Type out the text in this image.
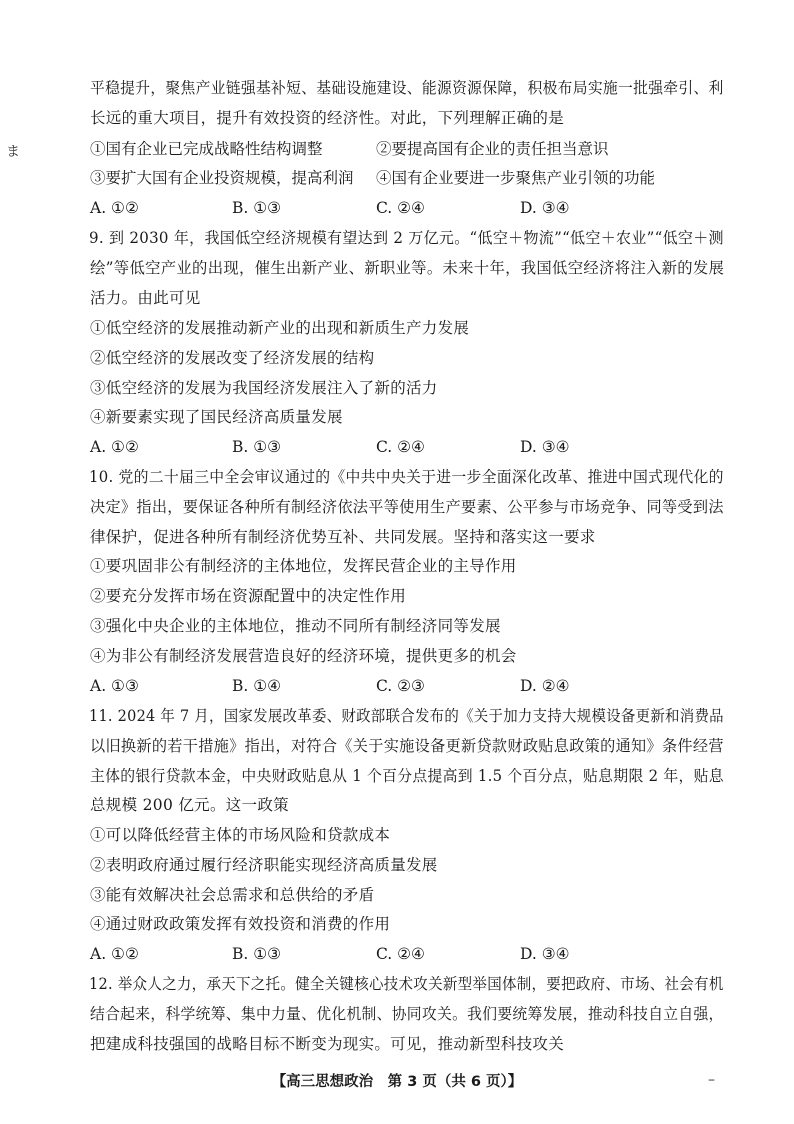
ま
平稳提升，聚焦产业链强基补短、基础设施建设、能源资源保障，积极布局实施一批强牵引、利
长远的重大项目，提升有效投资的经济性。对此，下列理解正确的是
①国有企业已完成战略性结构调整	②要提高国有企业的责任担当意识
③要扩大国有企业投资规模，提高利润 ④国有企业要进一步聚焦产业引领的功能
A. ①②	B. ①③	C. ②④	D. ③④
9. 到 2030 年，我国低空经济规模有望达到 2 万亿元。“低空＋物流”“低空＋农业”“低空＋测
绘”等低空产业的出现，催生出新产业、新职业等。未来十年，我国低空经济将注入新的发展
活力。由此可见
①低空经济的发展推动新产业的出现和新质生产力发展
②低空经济的发展改变了经济发展的结构
③低空经济的发展为我国经济发展注入了新的活力
④新要素实现了国民经济高质量发展
A. ①②	B. ①③	C. ②④	D. ③④
10. 党的二十届三中全会审议通过的《中共中央关于进一步全面深化改革、推进中国式现代化的
决定》指出，要保证各种所有制经济依法平等使用生产要素、公平参与市场竞争、同等受到法
律保护，促进各种所有制经济优势互补、共同发展。坚持和落实这一要求
①要巩固非公有制经济的主体地位，发挥民营企业的主导作用
②要充分发挥市场在资源配置中的决定性作用
③强化中央企业的主体地位，推动不同所有制经济同等发展
④为非公有制经济发展营造良好的经济环境，提供更多的机会
A. ①③	B. ①④	C. ②③	D. ②④
11. 2024 年 7 月，国家发展改革委、财政部联合发布的《关于加力支持大规模设备更新和消费品
以旧换新的若干措施》指出，对符合《关于实施设备更新贷款财政贴息政策的通知》条件经营
主体的银行贷款本金，中央财政贴息从 1 个百分点提高到 1.5 个百分点，贴息期限 2 年，贴息
总规模 200 亿元。这一政策
①可以降低经营主体的市场风险和贷款成本
②表明政府通过履行经济职能实现经济高质量发展
③能有效解决社会总需求和总供给的矛盾
④通过财政政策发挥有效投资和消费的作用
A. ①②	B. ①③	C. ②④	D. ③④
12. 举众人之力，承天下之托。健全关键核心技术攻关新型举国体制，要把政府、市场、社会有机
结合起来，科学统筹、集中力量、优化机制、协同攻关。我们要统筹发展，推动科技自立自强，
把建成科技强国的战略目标不断变为现实。可见，推动新型科技攻关
【高三思想政治　第 3 页（共 6 页）】	–
